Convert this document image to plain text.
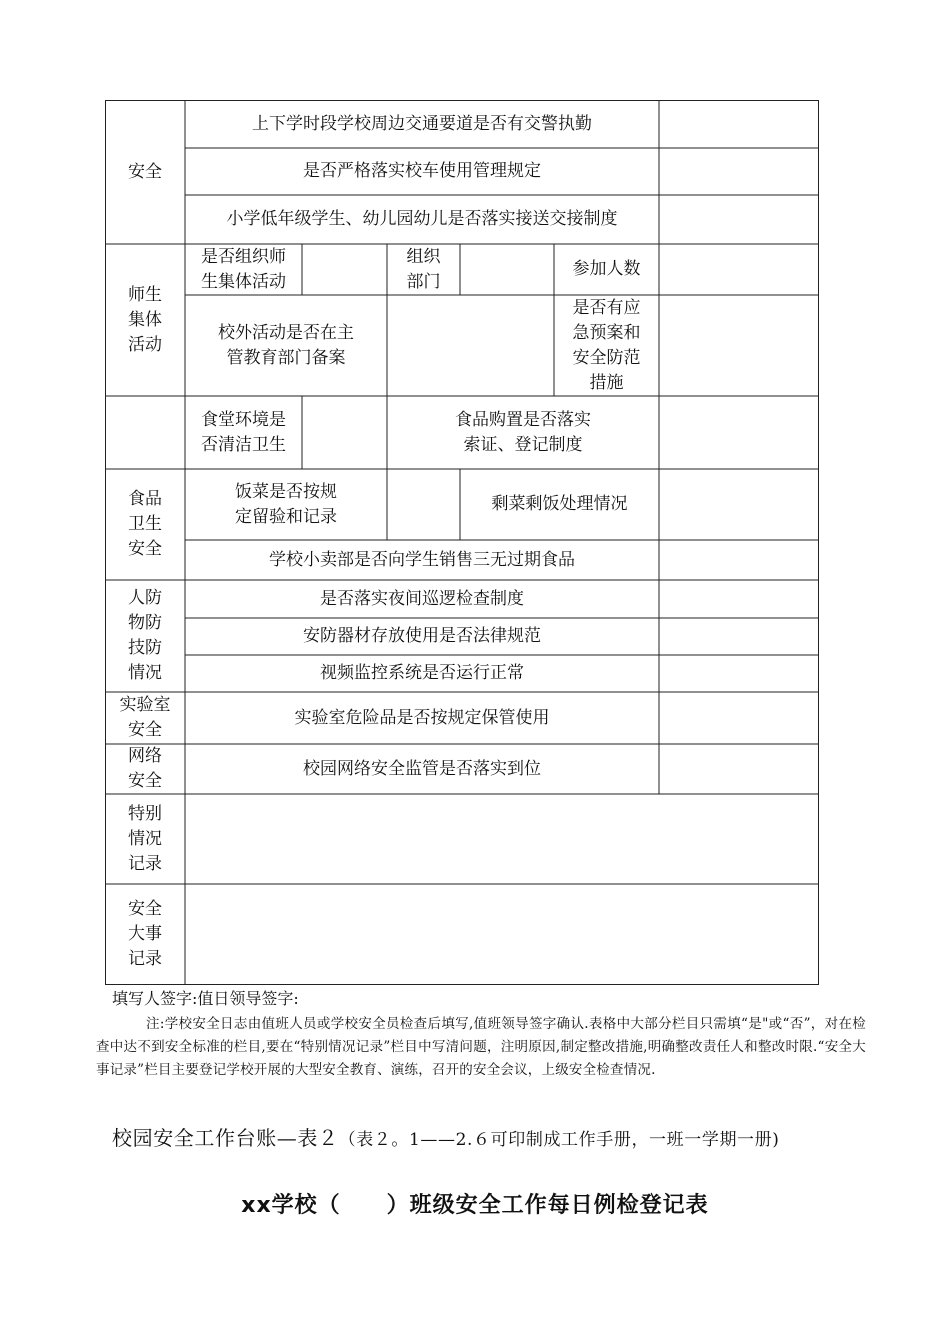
安全
上下学时段学校周边交通要道是否有交警执勤
是否严格落实校车使用管理规定
小学低年级学生、幼儿园幼儿是否落实接送交接制度
师生
集体
活动
是否组织师
生集体活动
组织
部门
参加人数
校外活动是否在主
管教育部门备案
是否有应
急预案和
安全防范
措施
食品
卫生
安全
食堂环境是
否清洁卫生
食品购置是否落实
索证、登记制度
饭菜是否按规
定留验和记录
剩菜剩饭处理情况
学校小卖部是否向学生销售三无过期食品
人防
物防
技防
情况
是否落实夜间巡逻检查制度
安防器材存放使用是否法律规范
视频监控系统是否运行正常
实验室
安全
实验室危险品是否按规定保管使用
网络
安全
校园网络安全监管是否落实到位
特别
情况
记录
安全
大事
记录
填写人签字:值日领导签字:
注:学校安全日志由值班人员或学校安全员检查后填写,值班领导签字确认.表格中大部分栏目只需填“是"或“否”，对在检查中达不到安全标准的栏目,要在“特别情况记录”栏目中写清问题，注明原因,制定整改措施,明确整改责任人和整改时限.“安全大事记录”栏目主要登记学校开展的大型安全教育、演练，召开的安全会议，上级安全检查情况.
校园安全工作台账—表２（表２。1——2.６可印制成工作手册，一班一学期一册)
xx学校（　　）班级安全工作每日例检登记表
